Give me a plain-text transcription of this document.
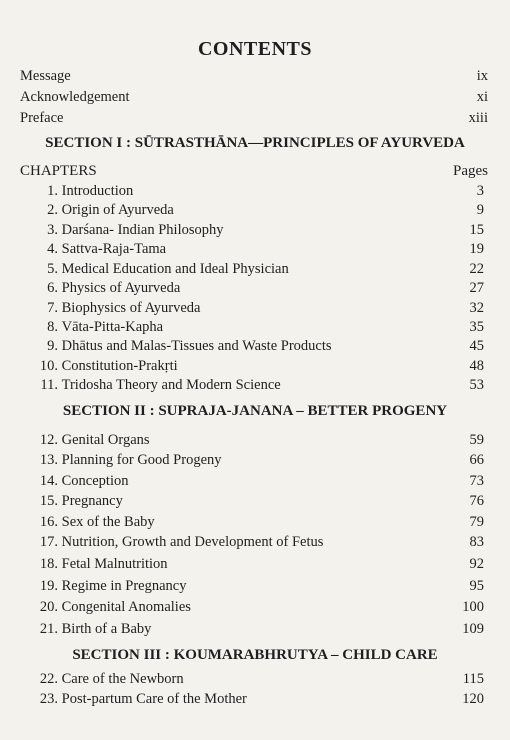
CONTENTS
Message	ix
Acknowledgement	xi
Preface	xiii
SECTION I : SŪTRASTHĀNA—PRINCIPLES OF AYURVEDA
CHAPTERS	Pages
1. Introduction	3
2. Origin of Ayurveda	9
3. Darśana- Indian Philosophy	15
4. Sattva-Raja-Tama	19
5. Medical Education and Ideal Physician	22
6. Physics of Ayurveda	27
7. Biophysics of Ayurveda	32
8. Vāta-Pitta-Kapha	35
9. Dhātus and Malas-Tissues and Waste Products	45
10. Constitution-Prakṛti	48
11. Tridosha Theory and Modern Science	53
SECTION II : SUPRAJA-JANANA – BETTER PROGENY
12. Genital Organs	59
13. Planning for Good Progeny	66
14. Conception	73
15. Pregnancy	76
16. Sex of the Baby	79
17. Nutrition, Growth and Development of Fetus	83
18. Fetal Malnutrition	92
19. Regime in Pregnancy	95
20. Congenital Anomalies	100
21. Birth of a Baby	109
SECTION III : KOUMARABHRUTYA – CHILD CARE
22. Care of the Newborn	115
23. Post-partum Care of the Mother	120
